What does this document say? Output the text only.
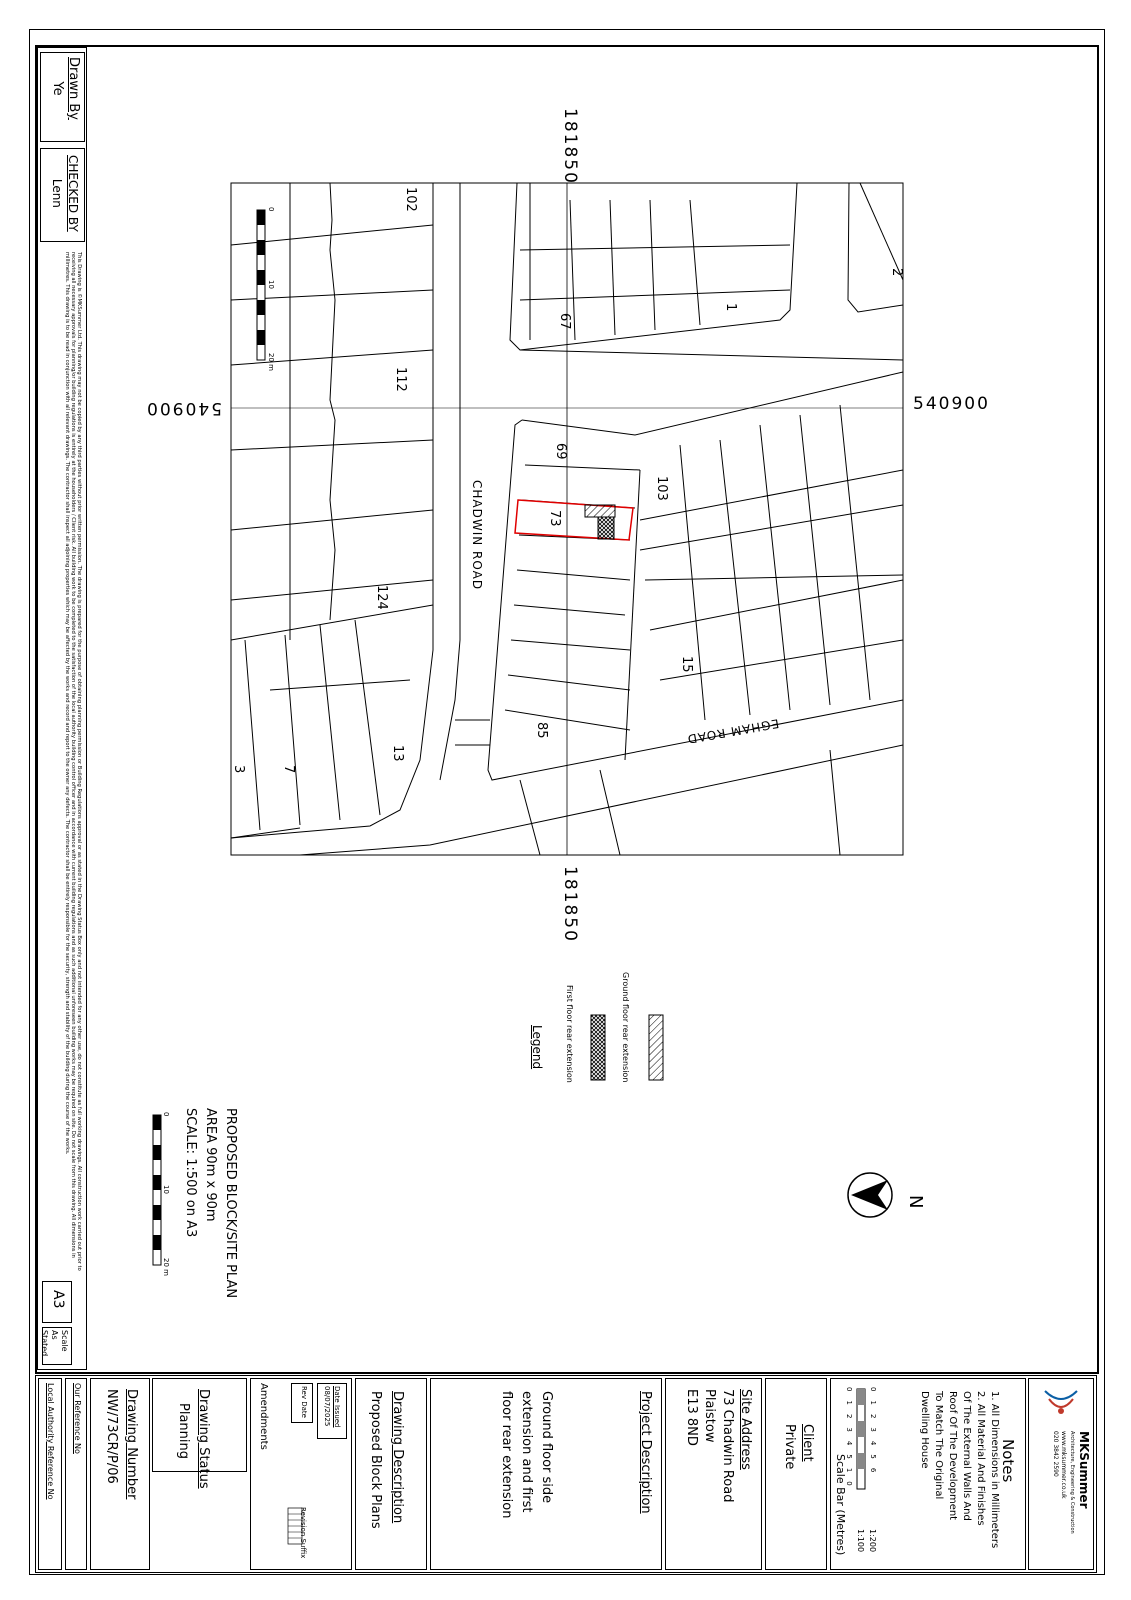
Drawn By
Ye
CHECKED BY
Lenn
This Drawing is ©MKSummer Ltd. This drawing may not be copied by any third parties without prior written permission. The drawing is prepared for the purpose of obtaining planning permission or Building Regulations approval or as stated in the Drawing Status Box only and not intended for any other use, do not constitute as full working drawings. All construction work carried out prior to receiving all necessary approvals for planning/or building regulations is entirely at the householders / Client risk. All building work to be completed to the satisfaction of the local authority building control officer and in accordance with current building regulations and as such additional unforeseen building works may be required on site. Do not scale from this drawing. All dimensions in millimetres. This drawing is to be read in conjunction with all relevant drawings. The contractor shall inspect all adjoining properties which may be affected by the works and record and report to the owner any defects. The contractor shall be entirely responsible for the security, strength and stability of the building during the course of the works.
A3
Scale As Stated
181850
181850
540900	540900
CHADWIN ROAD
EGHAM ROAD
102
112
124
13
7
3
67
1
2
69
73
103
15
85
0
10
20 m
Ground floor rear extension
First floor rear extension
Legend
PROPOSED BLOCK/SITE PLAN
AREA 90m x 90m
SCALE: 1:500 on A3
0
10
20 m
N
MKSummer
Architecture, Engineering & Construction
www.mksummer.co.uk
020 3842 2590
Notes
1. All Dimensions in Millimeters
2. All Material And Finishes
Of The External Walls And
Roof Of The Development
To Match The Original
Dwelling House
0123456
01234510
1:200
1:100
Scale Bar (Metres)
Client
Private
Site Address
73 Chadwin Road
Plaistow
E13 8ND
Project Description
Ground floor side
extension and first
floor rear extension
Drawing Description
Proposed Block Plans
Amendments	Date Issued
08/07/2025
Rev Date
Revision Suffix
Drawing Status
Planning
Drawing Number
NW/73CR/P/06
Our Reference No
Local Authority Reference No
